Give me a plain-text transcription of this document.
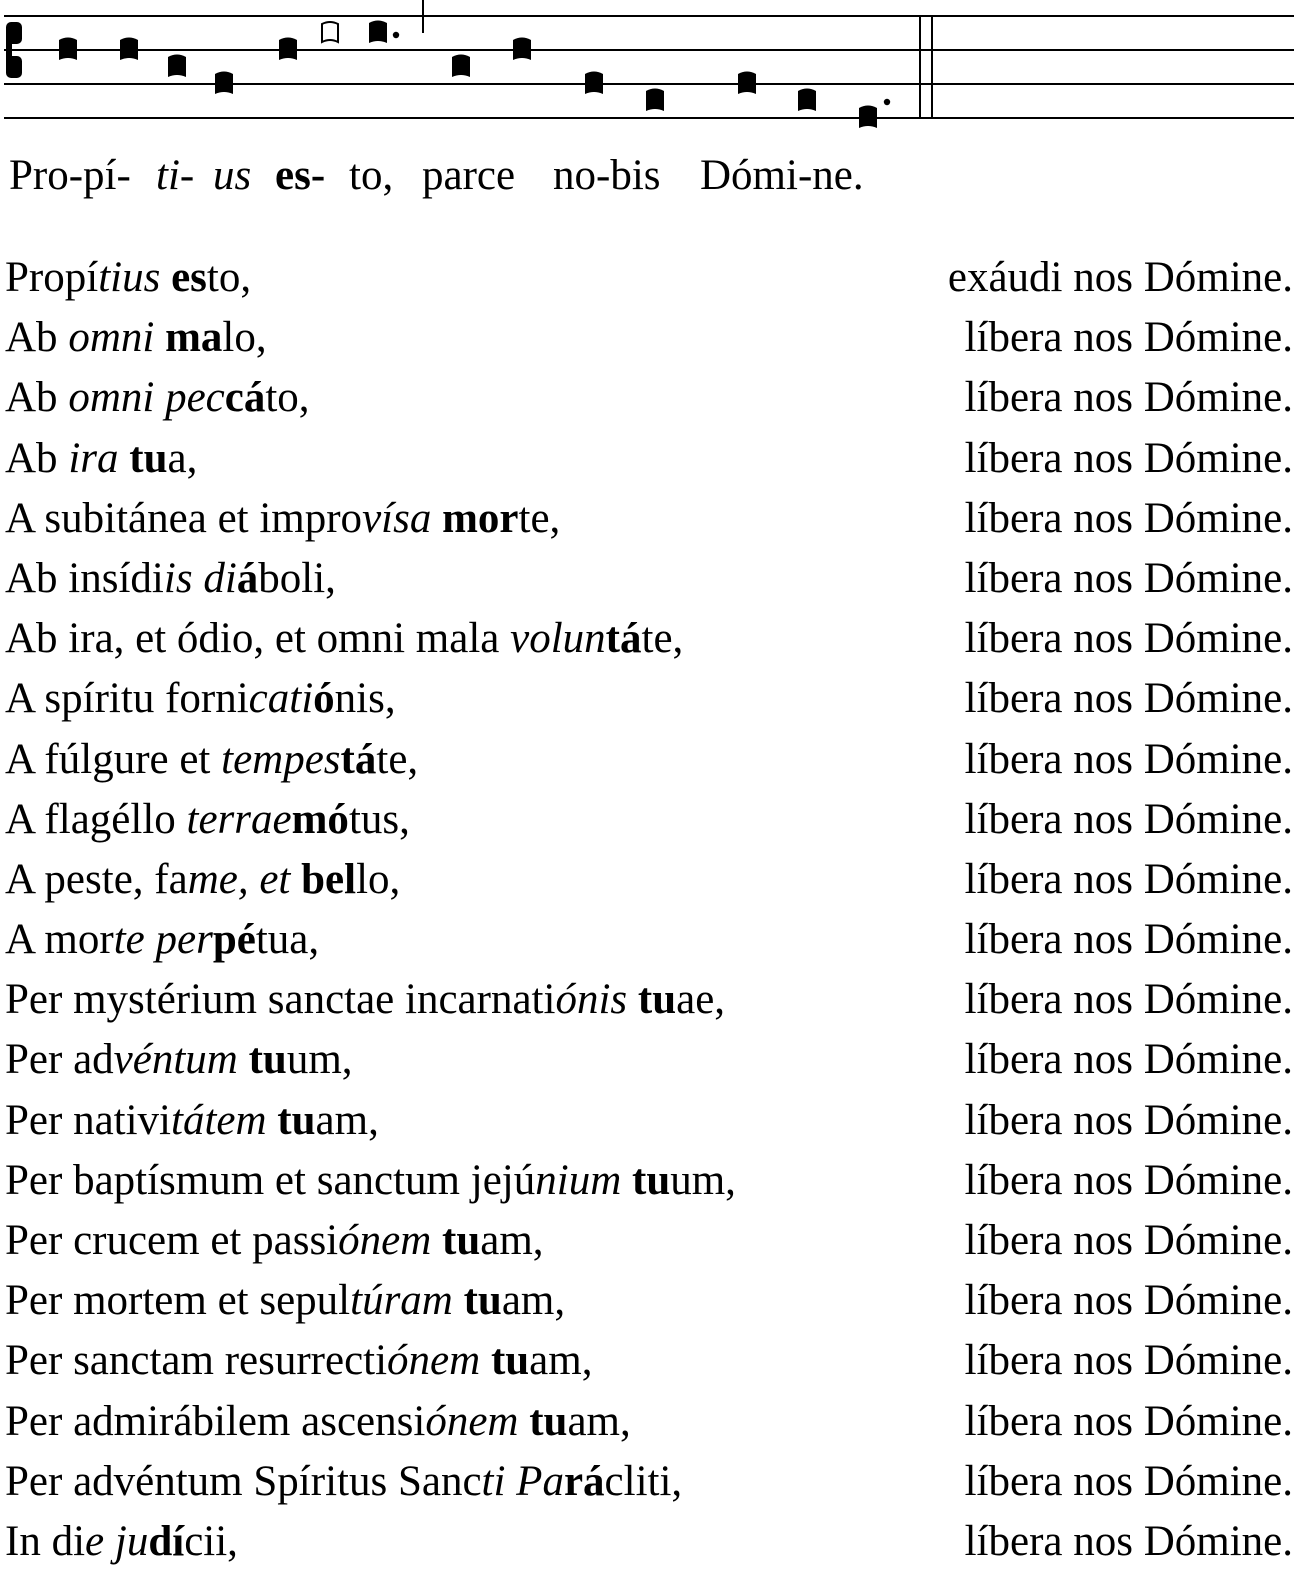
Pro-pí- ti- us es- to, parce no-bis Dómi-ne.
Propítius esto,	exáudi nos Dómine.
Ab omni malo,	líbera nos Dómine.
Ab omni peccáto,	líbera nos Dómine.
Ab ira tua,	líbera nos Dómine.
A subitánea et improvísa morte,	líbera nos Dómine.
Ab insídiis diáboli,	líbera nos Dómine.
Ab ira, et ódio, et omni mala voluntáte,	líbera nos Dómine.
A spíritu fornicatiónis,	líbera nos Dómine.
A fúlgure et tempestáte,	líbera nos Dómine.
A flagéllo terraemótus,	líbera nos Dómine.
A peste, fame, et bello,	líbera nos Dómine.
A morte perpétua,	líbera nos Dómine.
Per mystérium sanctae incarnatiónis tuae,	líbera nos Dómine.
Per advéntum tuum,	líbera nos Dómine.
Per nativitátem tuam,	líbera nos Dómine.
Per baptísmum et sanctum jejúnium tuum,	líbera nos Dómine.
Per crucem et passiónem tuam,	líbera nos Dómine.
Per mortem et sepultúram tuam,	líbera nos Dómine.
Per sanctam resurrectiónem tuam,	líbera nos Dómine.
Per admirábilem ascensiónem tuam,	líbera nos Dómine.
Per advéntum Spíritus Sancti Parácliti,	líbera nos Dómine.
In die judícii,	líbera nos Dómine.
